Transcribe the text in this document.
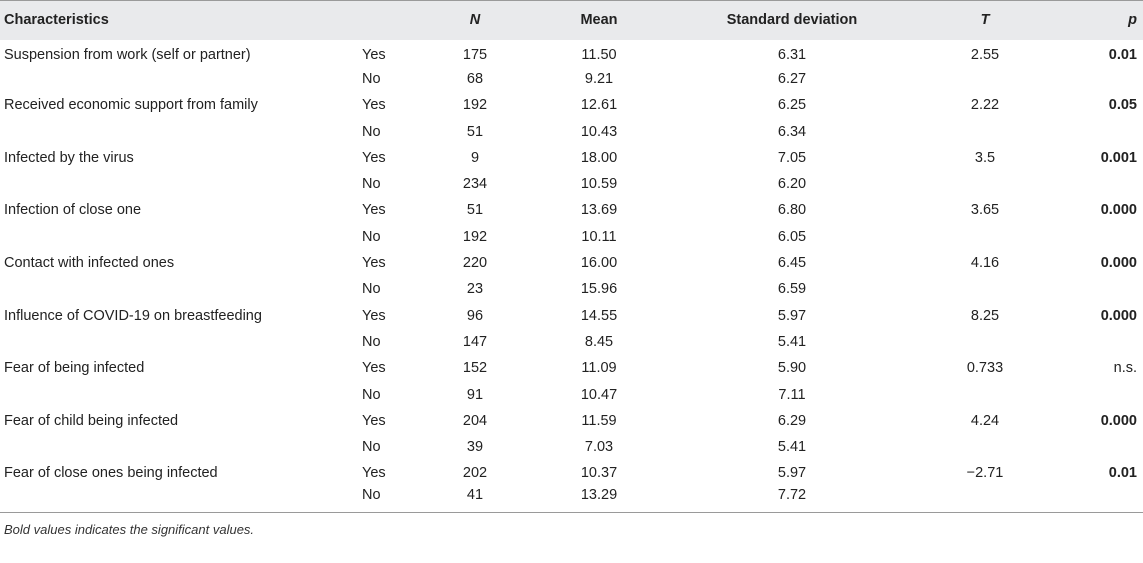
Characteristics		N	Mean	Standard deviation	T	p
Suspension from work (self or partner)	Yes	175	11.50	6.31	2.55	0.01
	No	68	9.21	6.27		
Received economic support from family	Yes	192	12.61	6.25	2.22	0.05
	No	51	10.43	6.34		
Infected by the virus	Yes	9	18.00	7.05	3.5	0.001
	No	234	10.59	6.20		
Infection of close one	Yes	51	13.69	6.80	3.65	0.000
	No	192	10.11	6.05		
Contact with infected ones	Yes	220	16.00	6.45	4.16	0.000
	No	23	15.96	6.59		
Influence of COVID-19 on breastfeeding	Yes	96	14.55	5.97	8.25	0.000
	No	147	8.45	5.41		
Fear of being infected	Yes	152	11.09	5.90	0.733	n.s.
	No	91	10.47	7.11		
Fear of child being infected	Yes	204	11.59	6.29	4.24	0.000
	No	39	7.03	5.41		
Fear of close ones being infected	Yes	202	10.37	5.97	−2.71	0.01
	No	41	13.29	7.72		
Bold values indicates the significant values.
